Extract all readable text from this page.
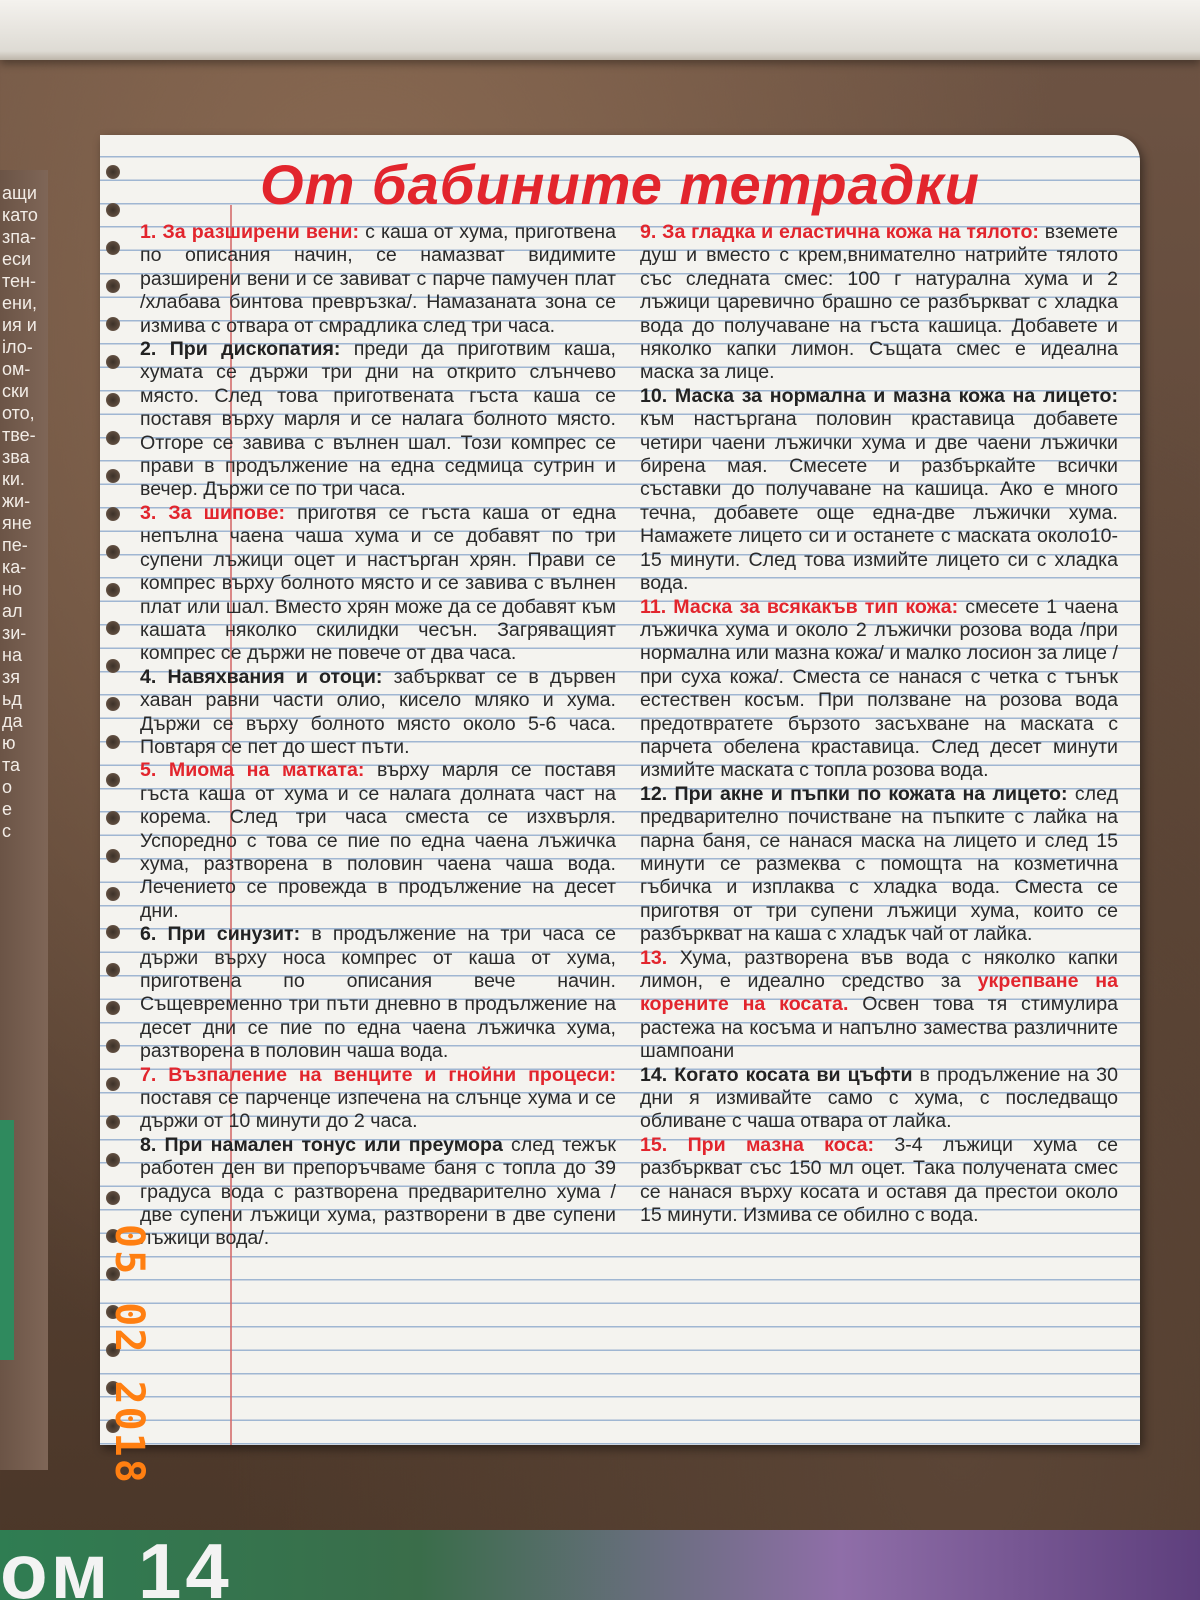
ащи
като
зпа-
еси
тен-
ени,
ия и
іло-
ом-
ски
ото,
тве-
зва
ки.
жи-
яне
пе-
ка-
но
ал
зи-
на
зя
ьд
да
ю
та
о
е
с
ом 14
От бабините тетрадки

1. За разширени вени: с каша от хума, приготвена по описания начин, се намазват видимите разширени вени и се завиват с парче памучен плат /хлабава бинтова превръзка/. Намазаната зона се измива с отвара от смрадлика след три часа.

2. При дископатия: преди да приготвим каша, хумата се държи три дни на открито слънчево място. След това приготвената гъста каша се поставя върху марля и се налага болното място. Отгоре се завива с вълнен шал. Този компрес се прави в продължение на една седмица сутрин и вечер. Държи се по три часа.

3. За шипове: приготвя се гъста каша от една непълна чаена чаша хума и се добавят по три супени лъжици оцет и настърган хрян. Прави се компрес върху болното място и се завива с вълнен плат или шал. Вместо хрян може да се добавят към кашата няколко скилидки чесън. Загряващият компрес се държи не повече от два часа.

4. Навяхвания и отоци: забъркват се в дървен хаван равни части олио, кисело мляко и хума. Държи се върху болното място около 5-6 часа. Повтаря се пет до шест пъти.

5. Миома на матката: върху марля се поставя гъста каша от хума и се налага долната част на корема. След три часа сместа се изхвърля. Успоредно с това се пие по една чаена лъжичка хума, разтворена в половин чаена чаша вода. Лечението се провежда в продължение на десет дни.

6. При синузит: в продължение на три часа се държи върху носа компрес от каша от хума, приготвена по описания вече начин. Същевременно три пъти дневно в продължение на десет дни се пие по една чаена лъжичка хума, разтворена в половин чаша вода.

7. Възпаление на венците и гнойни процеси: поставя се парченце изпечена на слънце хума и се държи от 10 минути до 2 часа.

8. При намален тонус или преумора след тежък работен ден ви препоръчваме баня с топла до 39 градуса вода с разтворена предварително хума /две супени лъжици хума, разтворени в две супени лъжици вода/.

9. За гладка и еластична кожа на тялото: вземете душ и вместо с крем,внимателно натрийте тялото със следната смес: 100 г натурална хума и 2 лъжици царевично брашно се разбъркват с хладка вода до получаване на гъста кашица. Добавете и няколко капки лимон. Същата смес е идеална маска за лице.

10. Маска за нормална и мазна кожа на лицето: към настъргана половин краставица добавете четири чаени лъжички хума и две чаени лъжички бирена мая. Смесете и разбъркайте всички съставки до получаване на кашица. Ако е много течна, добавете още една-две лъжички хума. Намажете лицето си и останете с маската около10-15 минути. След това измийте лицето си с хладка вода.

11. Маска за всякакъв тип кожа: смесете 1 чаена лъжичка хума и около 2 лъжички розова вода /при нормална или мазна кожа/ и малко лосион за лице /при суха кожа/. Сместа се нанася с четка с тънък естествен косъм. При ползване на розова вода предотвратете бързото засъхване на маската с парчета обелена краставица. След десет минути измийте маската с топла розова вода.

12. При акне и пъпки по кожата на лицето: след предварително почистване на пъпките с лайка на парна баня, се нанася маска на лицето и след 15 минути се размеква с помощта на козметична гъбичка и изплаква с хладка вода. Сместа се приготвя от три супени лъжици хума, които се разбъркват на каша с хладък чай от лайка.

13. Хума, разтворена във вода с няколко капки лимон, е идеално средство за укрепване на корените на косата. Освен това тя стимулира растежа на косъма и напълно замества различните шампоани

14. Когато косата ви цъфти в продължение на 30 дни я измивайте само с хума, с последващо обливане с чаша отвара от лайка.

15. При мазна коса: 3-4 лъжици хума се разбъркват със 150 мл оцет. Така получената смес се нанася върху косата и оставя да престои около 15 минути. Измива се обилно с вода.

05 02 2018
